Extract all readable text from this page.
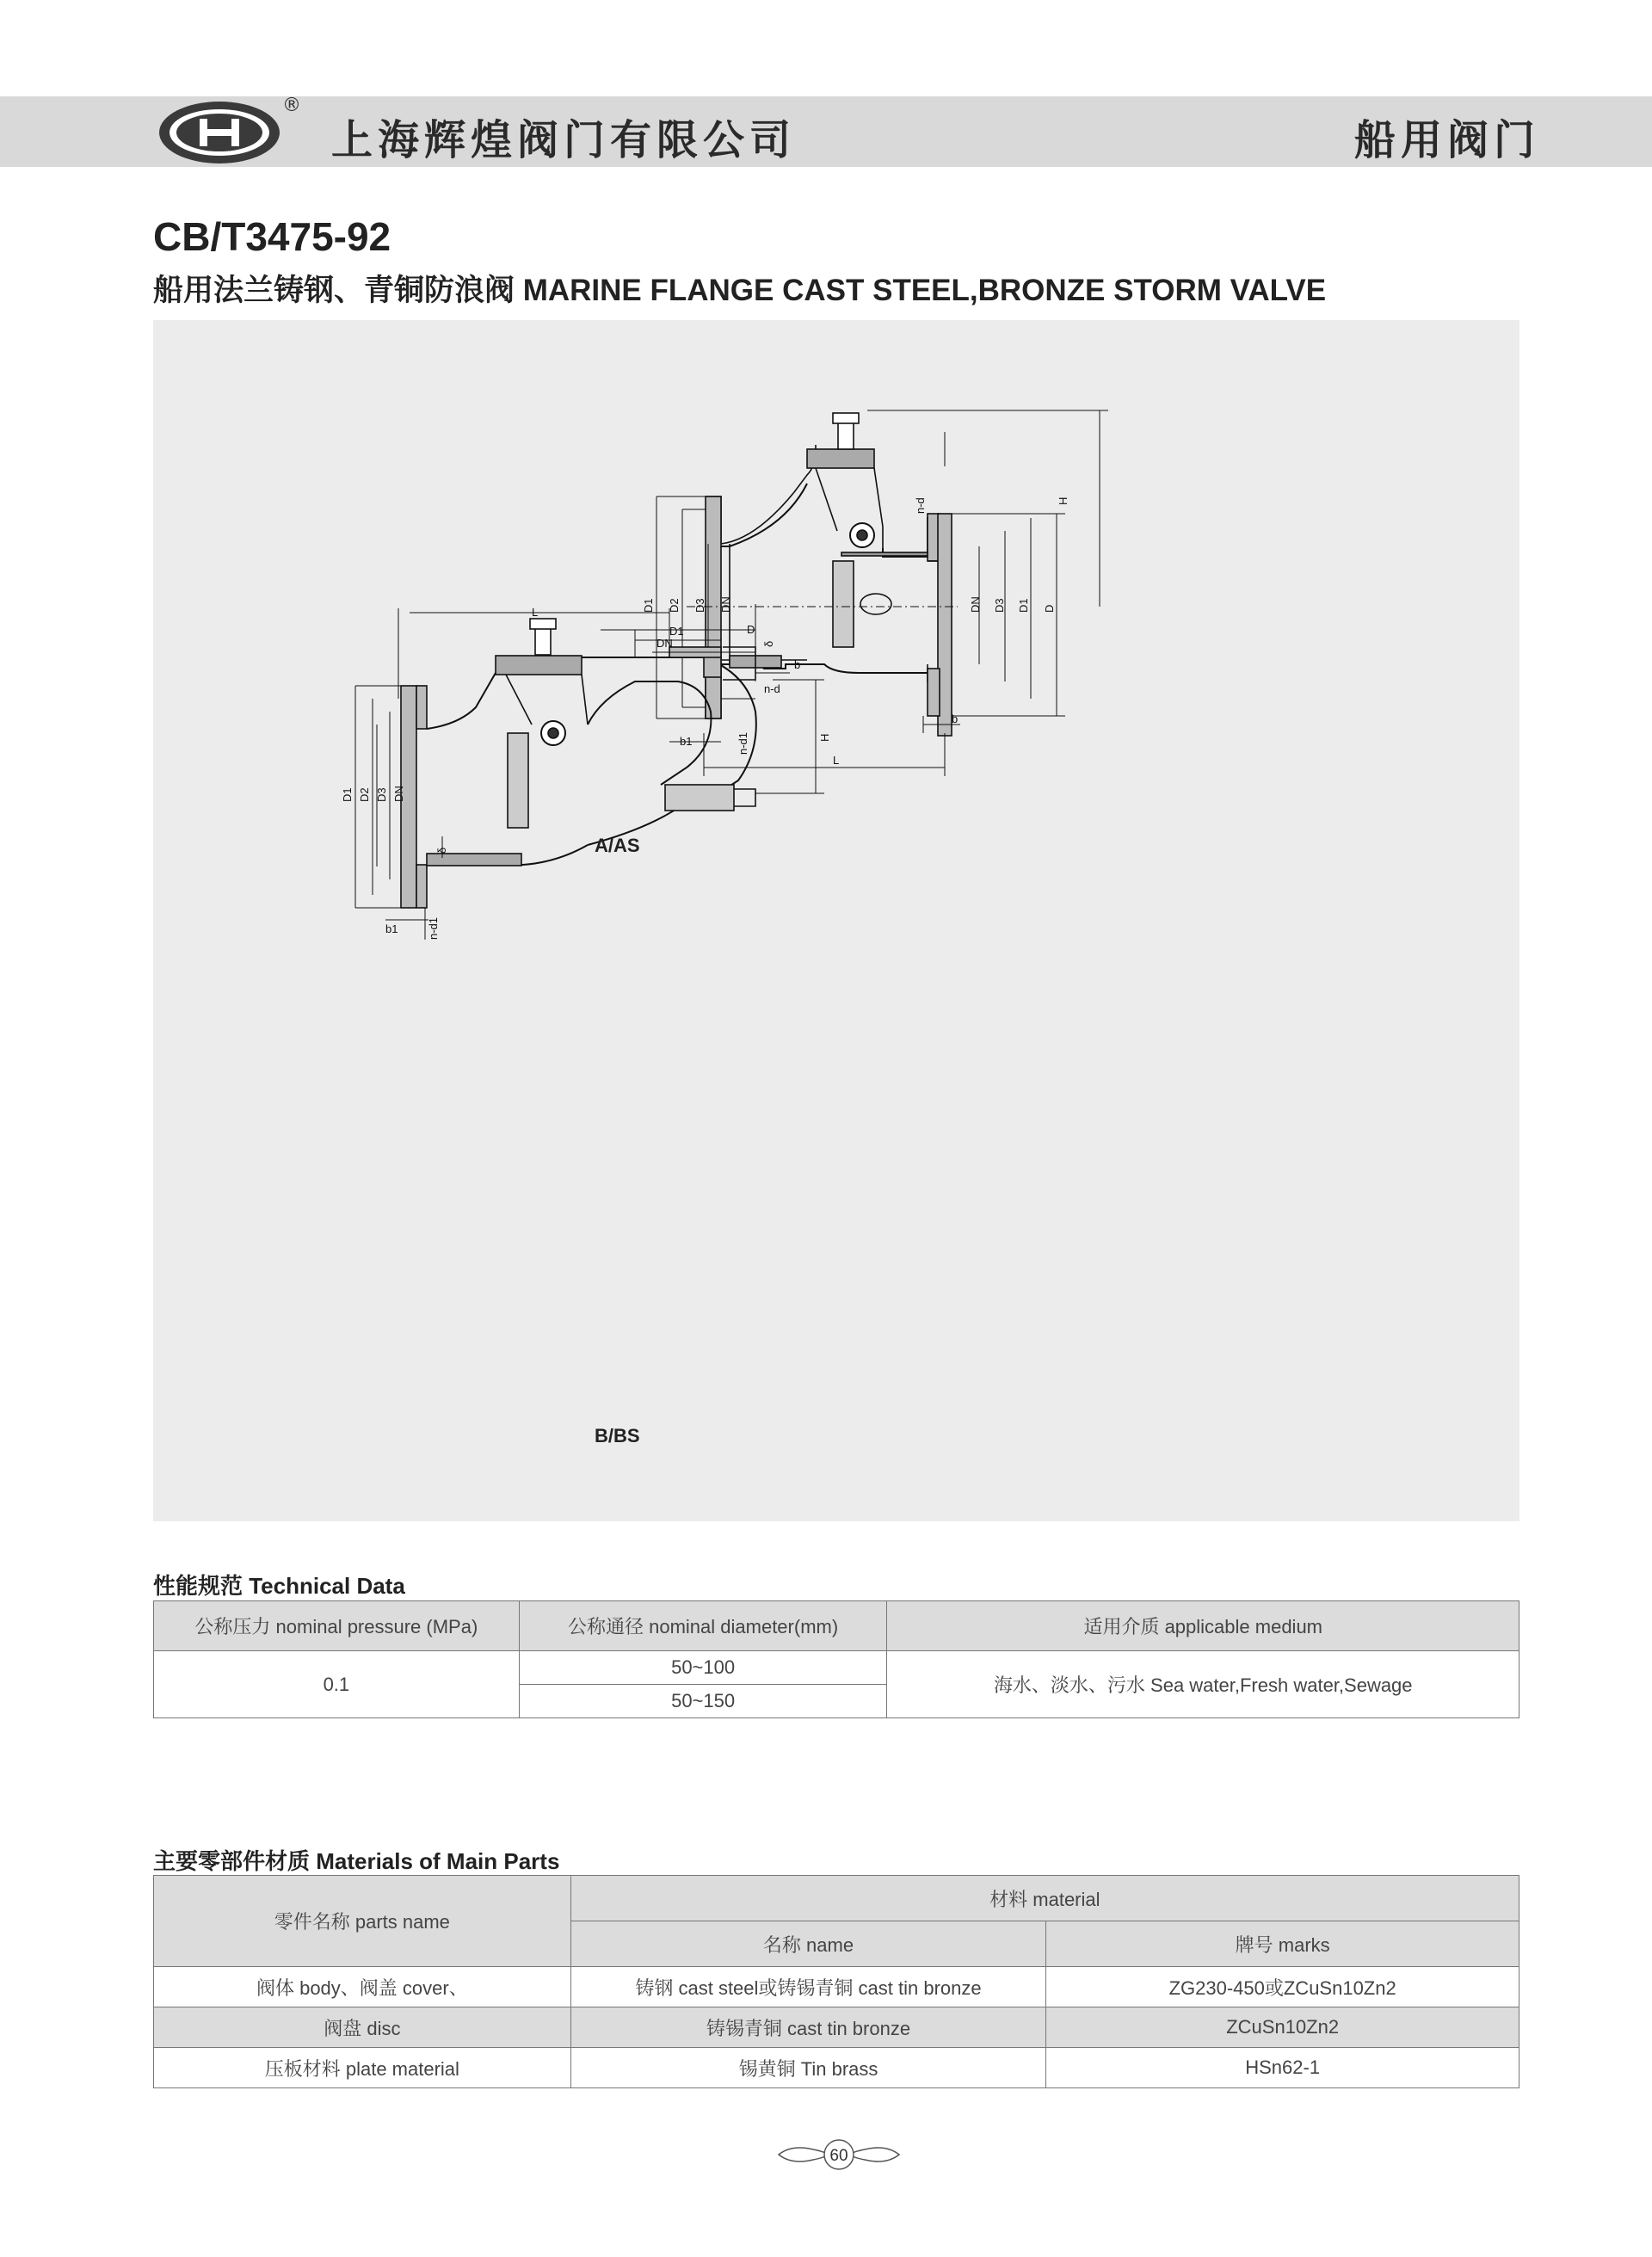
®
上海辉煌阀门有限公司	船用阀门
CB/T3475-92
船用法兰铸钢、青铜防浪阀 MARINE FLANGE CAST STEEL,BRONZE STORM VALVE
D1 D2 D3 DN	DN D3 D1 D
H
n-d
δ
b1
b
n-d1
L
D1 D2 D3 DN
L
D1
DN
D
b
n-d
H
δ
b1	n-d1
A/AS
B/BS
性能规范 Technical Data
公称压力 nominal pressure (MPa)	公称通径 nominal diameter(mm)	适用介质 applicable medium
0.1	50~100	海水、淡水、污水 Sea water,Fresh water,Sewage
	50~150	
主要零部件材质 Materials of Main Parts
零件名称 parts name	材料 material	
	名称 name	牌号 marks
阀体 body、阀盖 cover、	铸钢 cast steel或铸锡青铜 cast tin bronze	ZG230-450或ZCuSn10Zn2
阀盘 disc	铸锡青铜 cast tin bronze	ZCuSn10Zn2
压板材料 plate material	锡黄铜 Tin brass	HSn62-1
60
